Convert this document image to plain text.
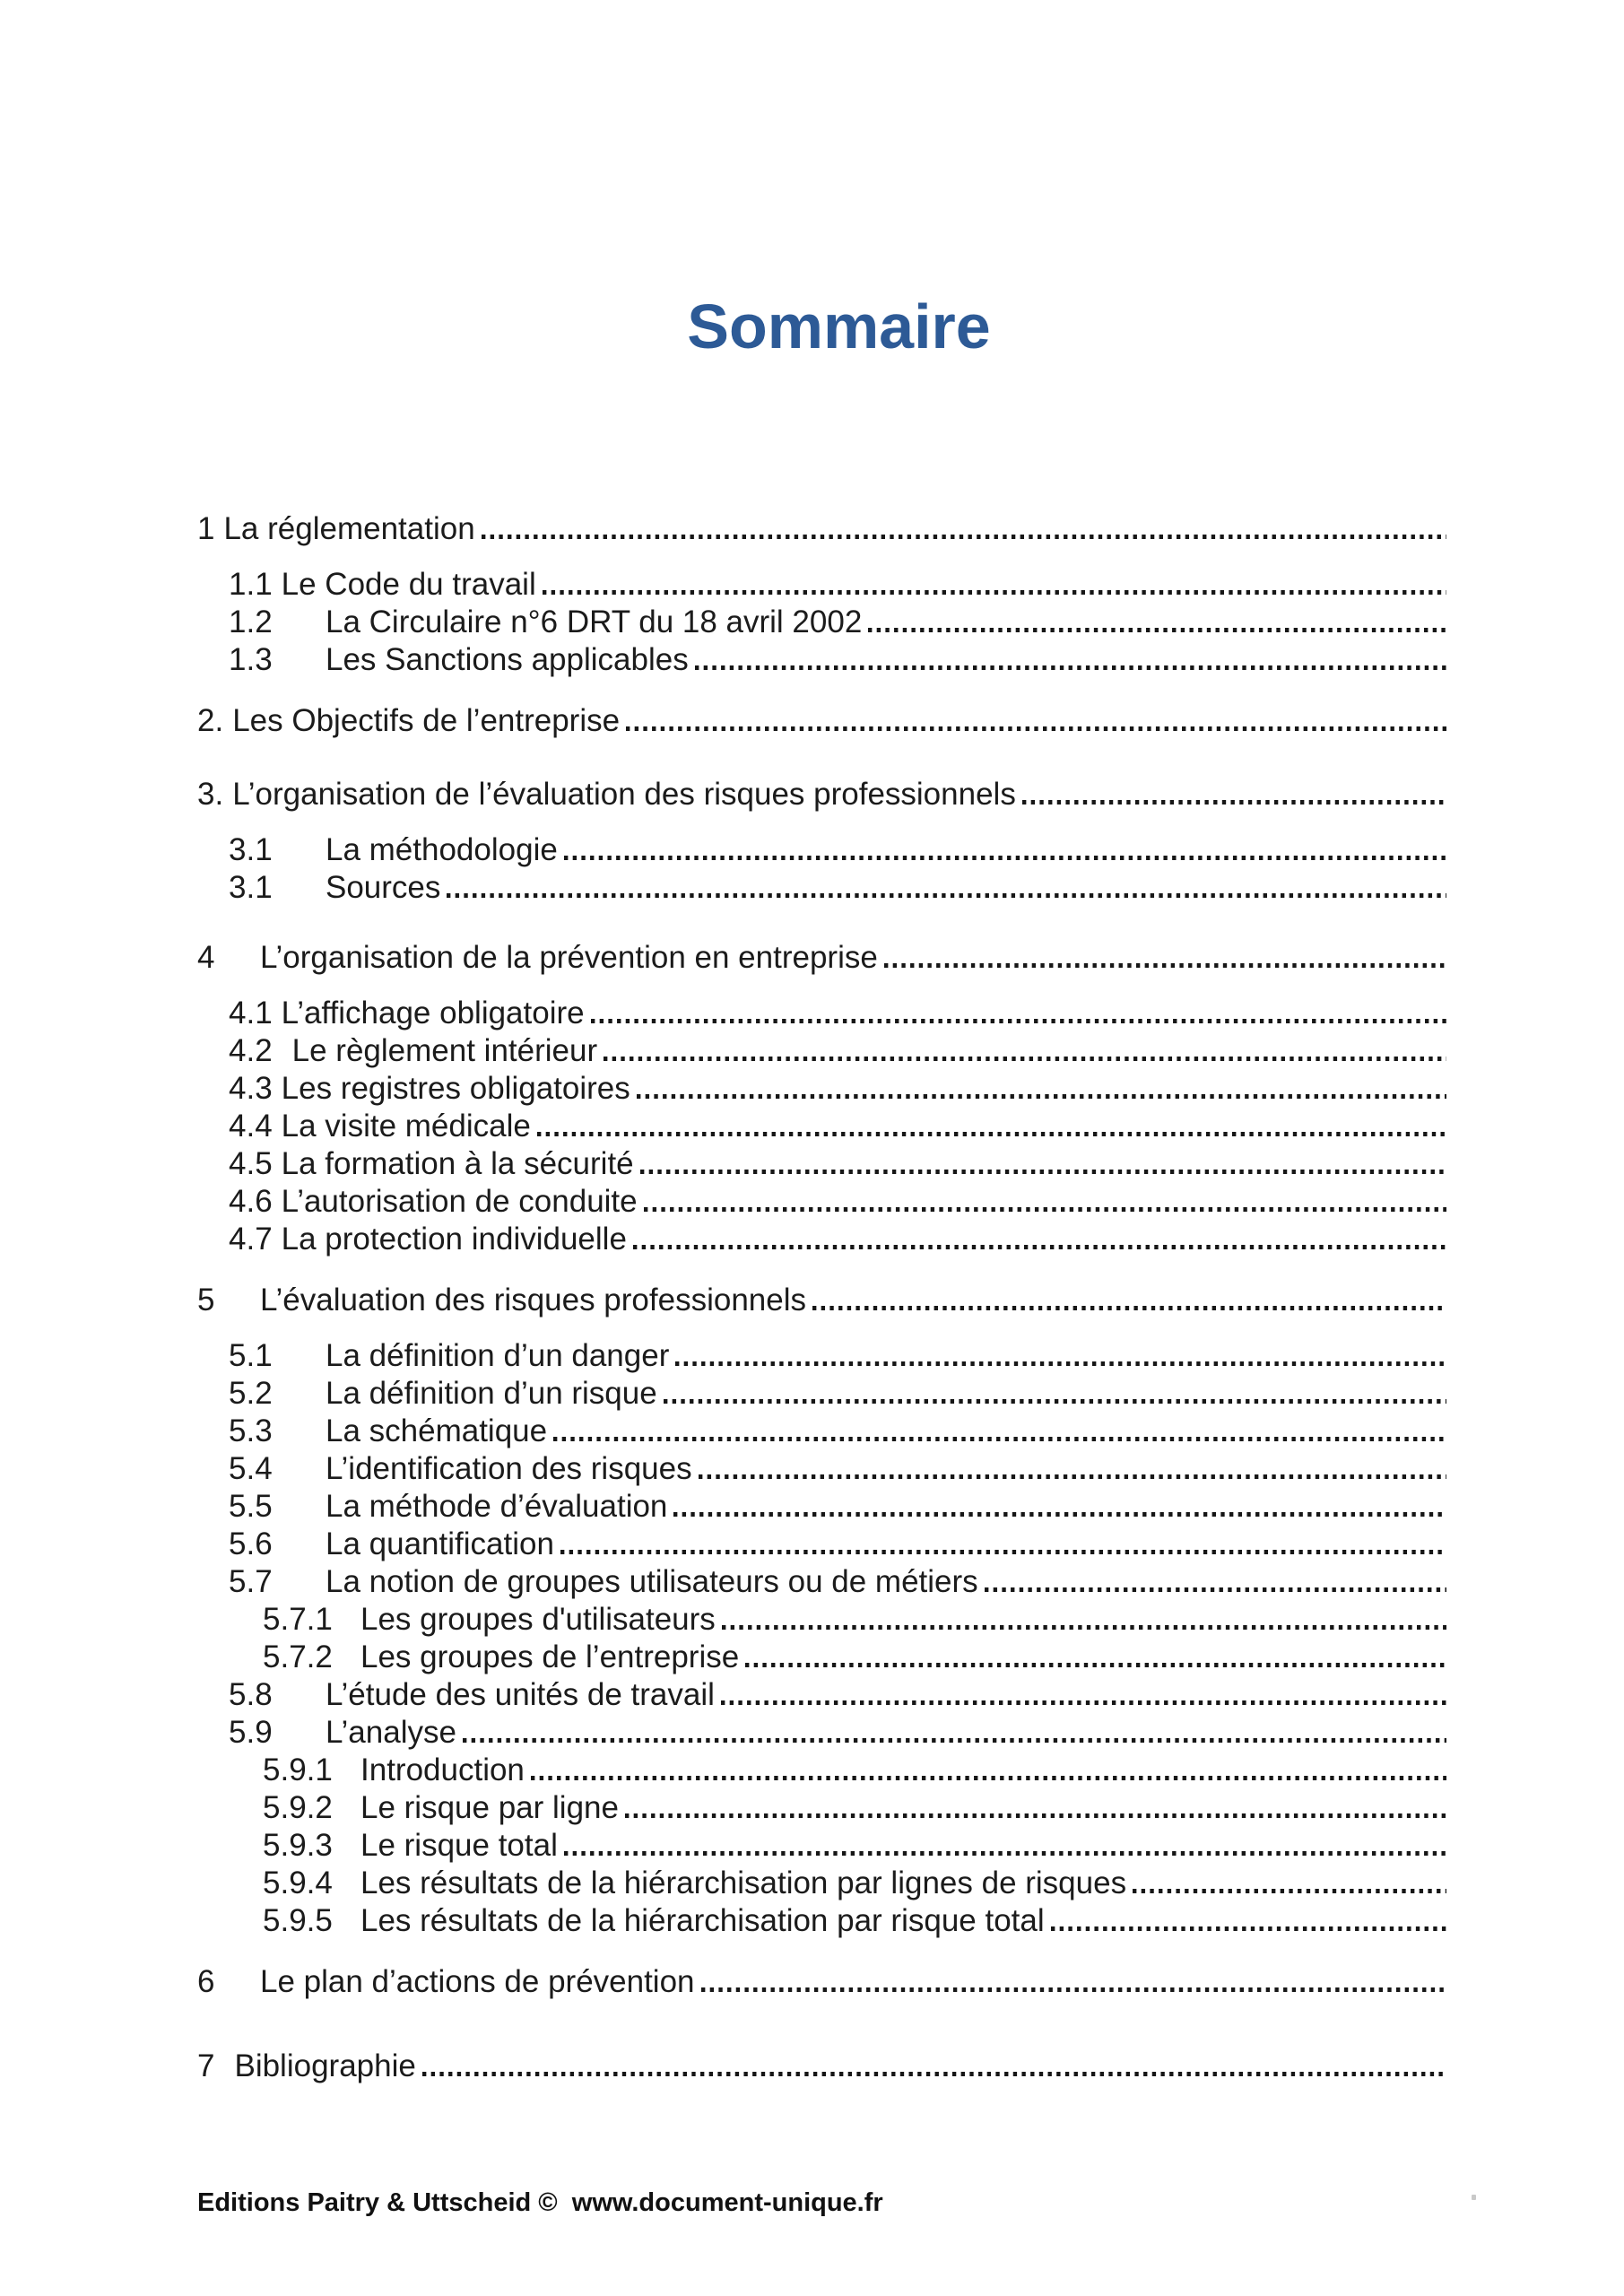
Sommaire
1 La réglementation
1.1 Le Code du travail
1.2	La Circulaire n°6 DRT du 18 avril 2002
1.3	Les Sanctions applicables
2. Les Objectifs de l’entreprise
3. L’organisation de l’évaluation des risques professionnels
3.1	La méthodologie
3.1	Sources
4	L’organisation de la prévention en entreprise
4.1 L’affichage obligatoire
4.2 Le règlement intérieur
4.3 Les registres obligatoires
4.4 La visite médicale
4.5 La formation à la sécurité
4.6 L’autorisation de conduite
4.7 La protection individuelle
5	L’évaluation des risques professionnels
5.1	La définition d’un danger
5.2	La définition d’un risque
5.3	La schématique
5.4	L’identification des risques
5.5	La méthode d’évaluation
5.6	La quantification
5.7	La notion de groupes utilisateurs ou de métiers
5.7.1 Les groupes d'utilisateurs
5.7.2 Les groupes de l’entreprise
5.8	L’étude des unités de travail
5.9	L’analyse
5.9.1 Introduction
5.9.2 Le risque par ligne
5.9.3 Le risque total
5.9.4 Les résultats de la hiérarchisation par lignes de risques
5.9.5 Les résultats de la hiérarchisation par risque total
6	Le plan d’actions de prévention
7 Bibliographie
Editions Paitry & Uttscheid ©  www.document-unique.fr
